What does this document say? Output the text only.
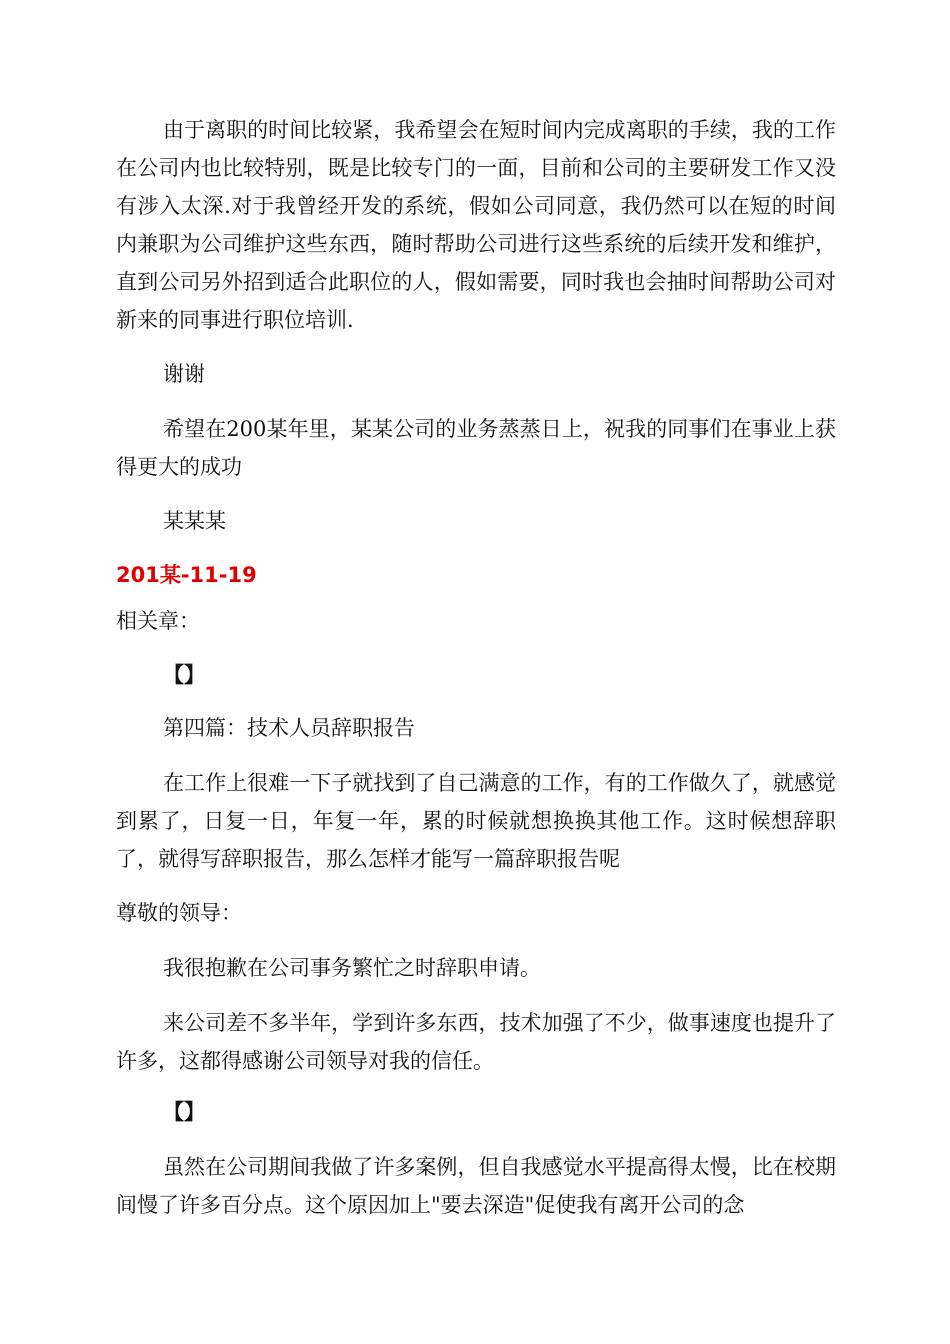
由于离职的时间比较紧，我希望会在短时间内完成离职的手续，我的工作在公司内也比较特别，既是比较专门的一面，目前和公司的主要研发工作又没有涉入太深.对于我曾经开发的系统，假如公司同意，我仍然可以在短的时间内兼职为公司维护这些东西，随时帮助公司进行这些系统的后续开发和维护，直到公司另外招到适合此职位的人，假如需要，同时我也会抽时间帮助公司对新来的同事进行职位培训.

谢谢

希望在200某年里，某某公司的业务蒸蒸日上，祝我的同事们在事业上获得更大的成功

某某某

201某-11-19

相关章：

【】

第四篇：技术人员辞职报告

在工作上很难一下子就找到了自己满意的工作，有的工作做久了，就感觉到累了，日复一日，年复一年，累的时候就想换换其他工作。这时候想辞职了，就得写辞职报告，那么怎样才能写一篇辞职报告呢

尊敬的领导：

我很抱歉在公司事务繁忙之时辞职申请。

来公司差不多半年，学到许多东西，技术加强了不少，做事速度也提升了许多，这都得感谢公司领导对我的信任。

【】

虽然在公司期间我做了许多案例，但自我感觉水平提高得太慢，比在校期间慢了许多百分点。这个原因加上"要去深造"促使我有离开公司的念
